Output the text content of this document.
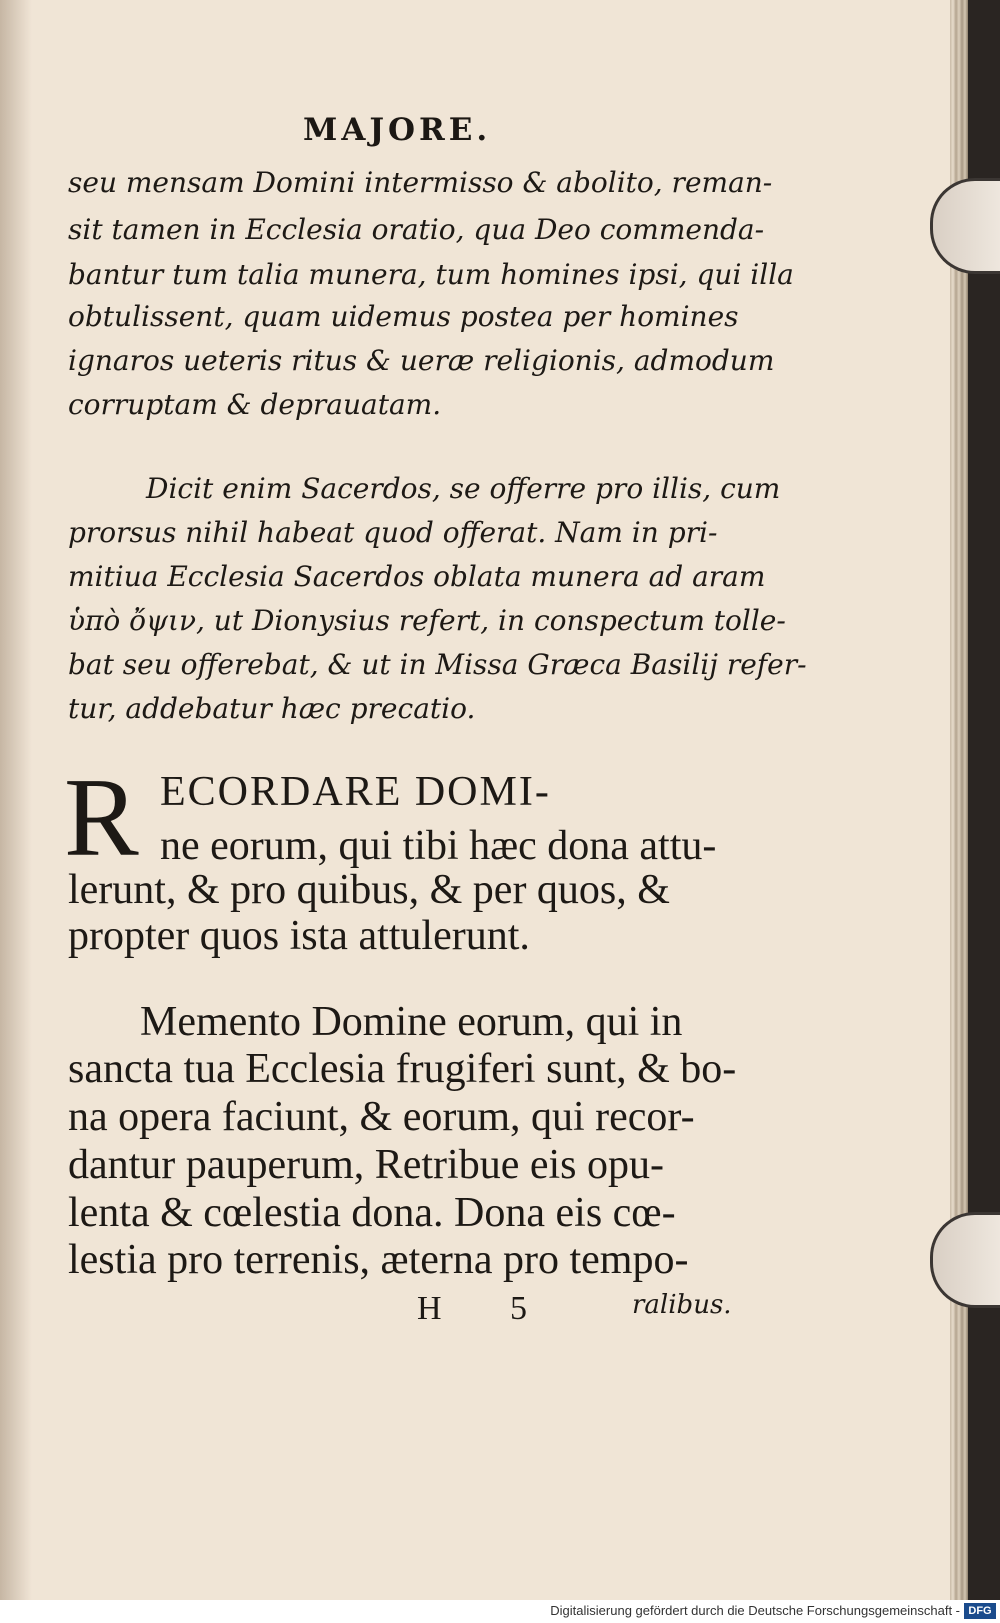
MAJORE.
seu mensam Domini intermisso & abolito, reman-
sit tamen in Ecclesia oratio, qua Deo commenda-
bantur tum talia munera, tum homines ipsi, qui illa
obtulissent, quam uidemus postea per homines
ignaros ueteris ritus & ueræ religionis, admodum
corruptam & deprauatam.
Dicit enim Sacerdos, se offerre pro illis, cum
prorsus nihil habeat quod offerat. Nam in pri-
mitiua Ecclesia Sacerdos oblata munera ad aram
ὑπὸ ὄψιν, ut Dionysius refert, in conspectum tolle-
bat seu offerebat, & ut in Missa Græca Basilij refer-
tur, addebatur hæc precatio.
R ECORDARE DOMI-
ne eorum, qui tibi hæc dona attu-
lerunt, & pro quibus, & per quos, &
propter quos ista attulerunt.
Memento Domine eorum, qui in
sancta tua Ecclesia frugiferi sunt, & bo-
na opera faciunt, & eorum, qui recor-
dantur pauperum, Retribue eis opu-
lenta & cœlestia dona. Dona eis cœ-
lestia pro terrenis, æterna pro tempo-
H 5	ralibus.
Digitalisierung gefördert durch die Deutsche Forschungsgemeinschaft - DFG
